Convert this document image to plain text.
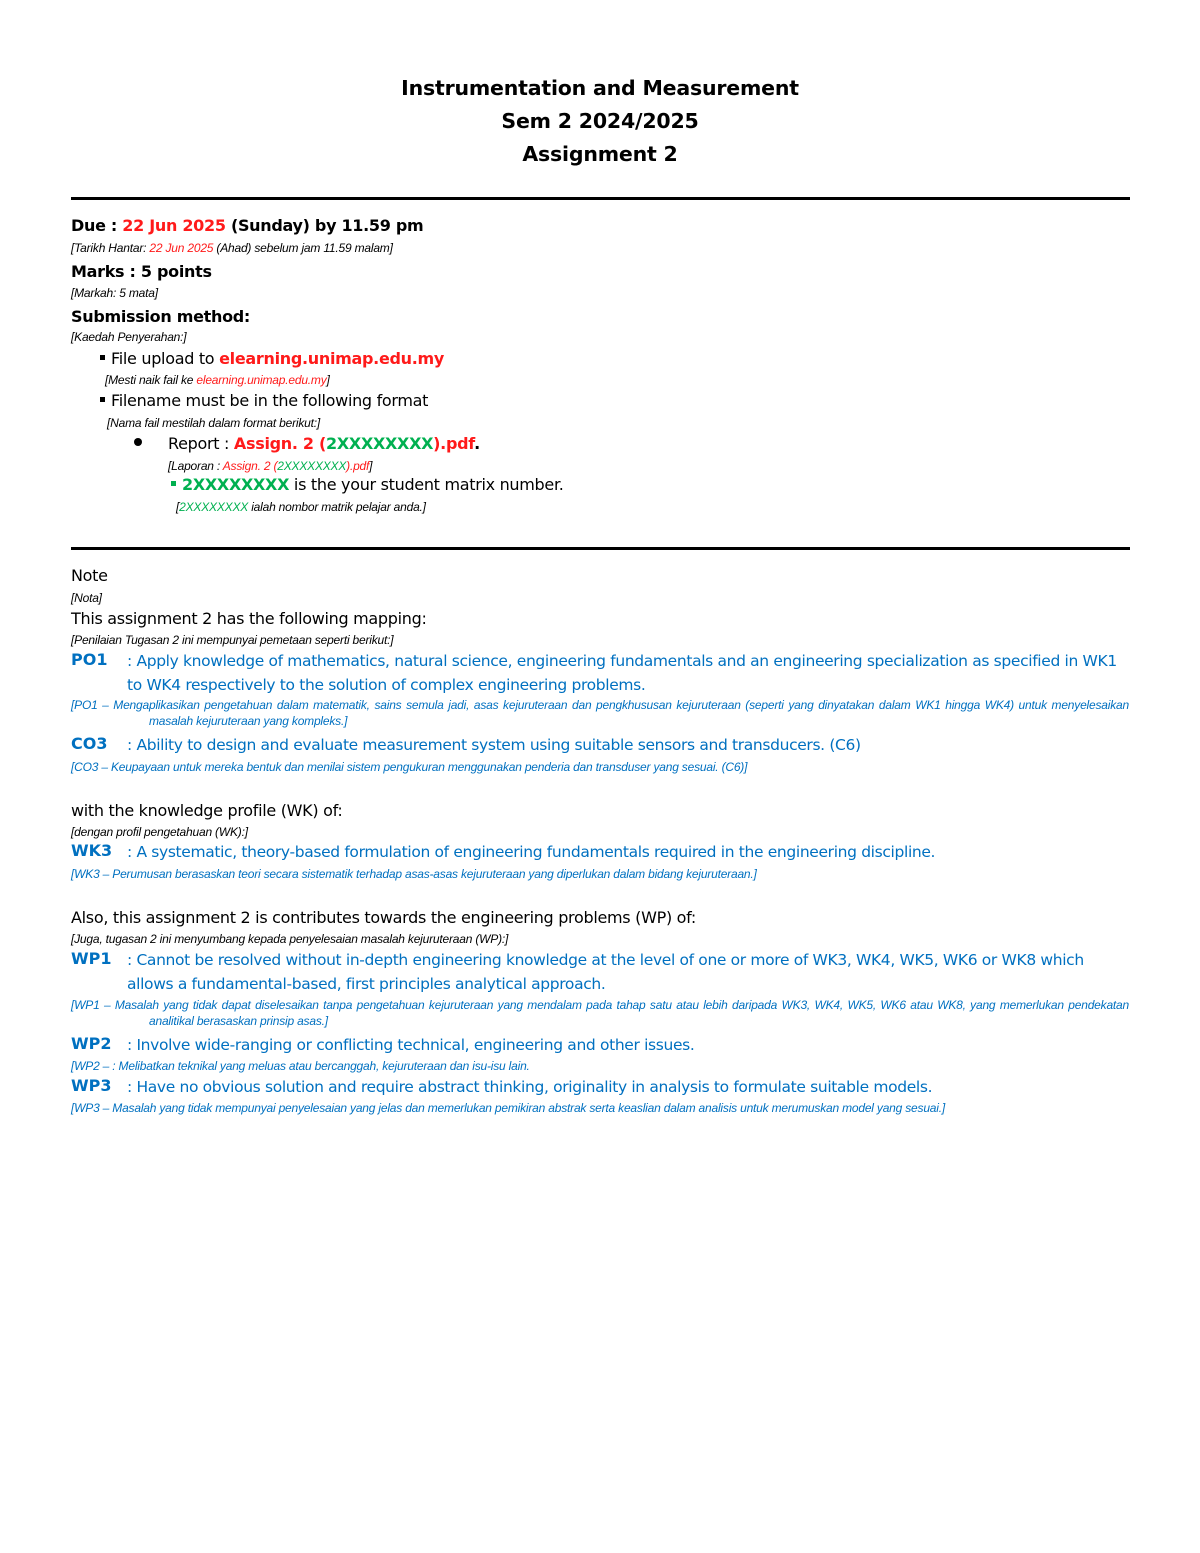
Instrumentation and Measurement
Sem 2 2024/2025
Assignment 2
Due : 22 Jun 2025 (Sunday) by 11.59 pm
[Tarikh Hantar: 22 Jun 2025 (Ahad) sebelum jam 11.59 malam]
Marks : 5 points
[Markah: 5 mata]
Submission method:
[Kaedah Penyerahan:]
File upload to elearning.unimap.edu.my
[Mesti naik fail ke elearning.unimap.edu.my]
Filename must be in the following format
[Nama fail mestilah dalam format berikut:]
Report : Assign. 2 (2XXXXXXXX).pdf.
[Laporan : Assign. 2 (2XXXXXXXX).pdf]
2XXXXXXXX is the your student matrix number.
[2XXXXXXXX ialah nombor matrik pelajar anda.]
Note
[Nota]
This assignment 2 has the following mapping:
[Penilaian Tugasan 2 ini mempunyai pemetaan seperti berikut:]
PO1 : Apply knowledge of mathematics, natural science, engineering fundamentals and an engineering specialization as specified in WK1 to WK4 respectively to the solution of complex engineering problems.
[PO1 – Mengaplikasikan pengetahuan dalam matematik, sains semula jadi, asas kejuruteraan dan pengkhususan kejuruteraan (seperti yang dinyatakan dalam WK1 hingga WK4) untuk menyelesaikan masalah kejuruteraan yang kompleks.]
CO3 : Ability to design and evaluate measurement system using suitable sensors and transducers. (C6)
[CO3 – Keupayaan untuk mereka bentuk dan menilai sistem pengukuran menggunakan penderia dan transduser yang sesuai. (C6)]
with the knowledge profile (WK) of:
[dengan profil pengetahuan (WK):]
WK3 : A systematic, theory-based formulation of engineering fundamentals required in the engineering discipline.
[WK3 – Perumusan berasaskan teori secara sistematik terhadap asas-asas kejuruteraan yang diperlukan dalam bidang kejuruteraan.]
Also, this assignment 2 is contributes towards the engineering problems (WP) of:
[Juga, tugasan 2 ini menyumbang kepada penyelesaian masalah kejuruteraan (WP):]
WP1 : Cannot be resolved without in-depth engineering knowledge at the level of one or more of WK3, WK4, WK5, WK6 or WK8 which allows a fundamental-based, first principles analytical approach.
[WP1 – Masalah yang tidak dapat diselesaikan tanpa pengetahuan kejuruteraan yang mendalam pada tahap satu atau lebih daripada WK3, WK4, WK5, WK6 atau WK8, yang memerlukan pendekatan analitikal berasaskan prinsip asas.]
WP2 : Involve wide-ranging or conflicting technical, engineering and other issues.
[WP2 – : Melibatkan teknikal yang meluas atau bercanggah, kejuruteraan dan isu-isu lain.
WP3 : Have no obvious solution and require abstract thinking, originality in analysis to formulate suitable models.
[WP3 – Masalah yang tidak mempunyai penyelesaian yang jelas dan memerlukan pemikiran abstrak serta keaslian dalam analisis untuk merumuskan model yang sesuai.]
